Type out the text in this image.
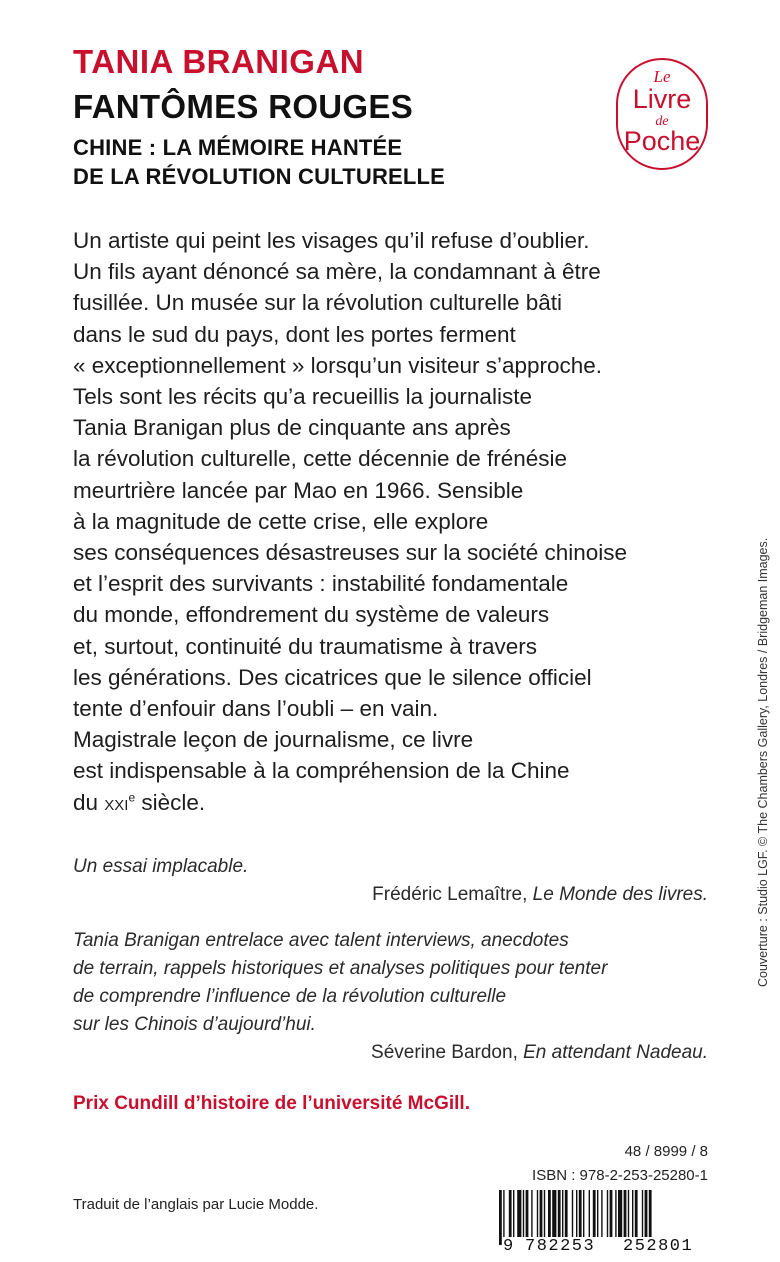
TANIA BRANIGAN
FANTÔMES ROUGES
CHINE : LA MÉMOIRE HANTÉE
DE LA RÉVOLUTION CULTURELLE
Le
Livre
de
Poche
Un artiste qui peint les visages qu’il refuse d’oublier.
Un fils ayant dénoncé sa mère, la condamnant à être
fusillée. Un musée sur la révolution culturelle bâti
dans le sud du pays, dont les portes ferment
« exceptionnellement » lorsqu’un visiteur s’approche.
Tels sont les récits qu’a recueillis la journaliste
Tania Branigan plus de cinquante ans après
la révolution culturelle, cette décennie de frénésie
meurtrière lancée par Mao en 1966. Sensible
à la magnitude de cette crise, elle explore
ses conséquences désastreuses sur la société chinoise
et l’esprit des survivants : instabilité fondamentale
du monde, effondrement du système de valeurs
et, surtout, continuité du traumatisme à travers
les générations. Des cicatrices que le silence officiel
tente d’enfouir dans l’oubli – en vain.
Magistrale leçon de journalisme, ce livre
est indispensable à la compréhension de la Chine
du XXIe siècle.
Un essai implacable.
Frédéric Lemaître, Le Monde des livres.
Tania Branigan entrelace avec talent interviews, anecdotes
de terrain, rappels historiques et analyses politiques pour tenter
de comprendre l’influence de la révolution culturelle
sur les Chinois d’aujourd’hui.
Séverine Bardon, En attendant Nadeau.
Prix Cundill d’histoire de l’université McGill.
48 / 8999 / 8
ISBN : 978-2-253-25280-1
Traduit de l’anglais par Lucie Modde.
9 782253 252801
Couverture : Studio LGF. © The Chambers Gallery, Londres / Bridgeman Images.
